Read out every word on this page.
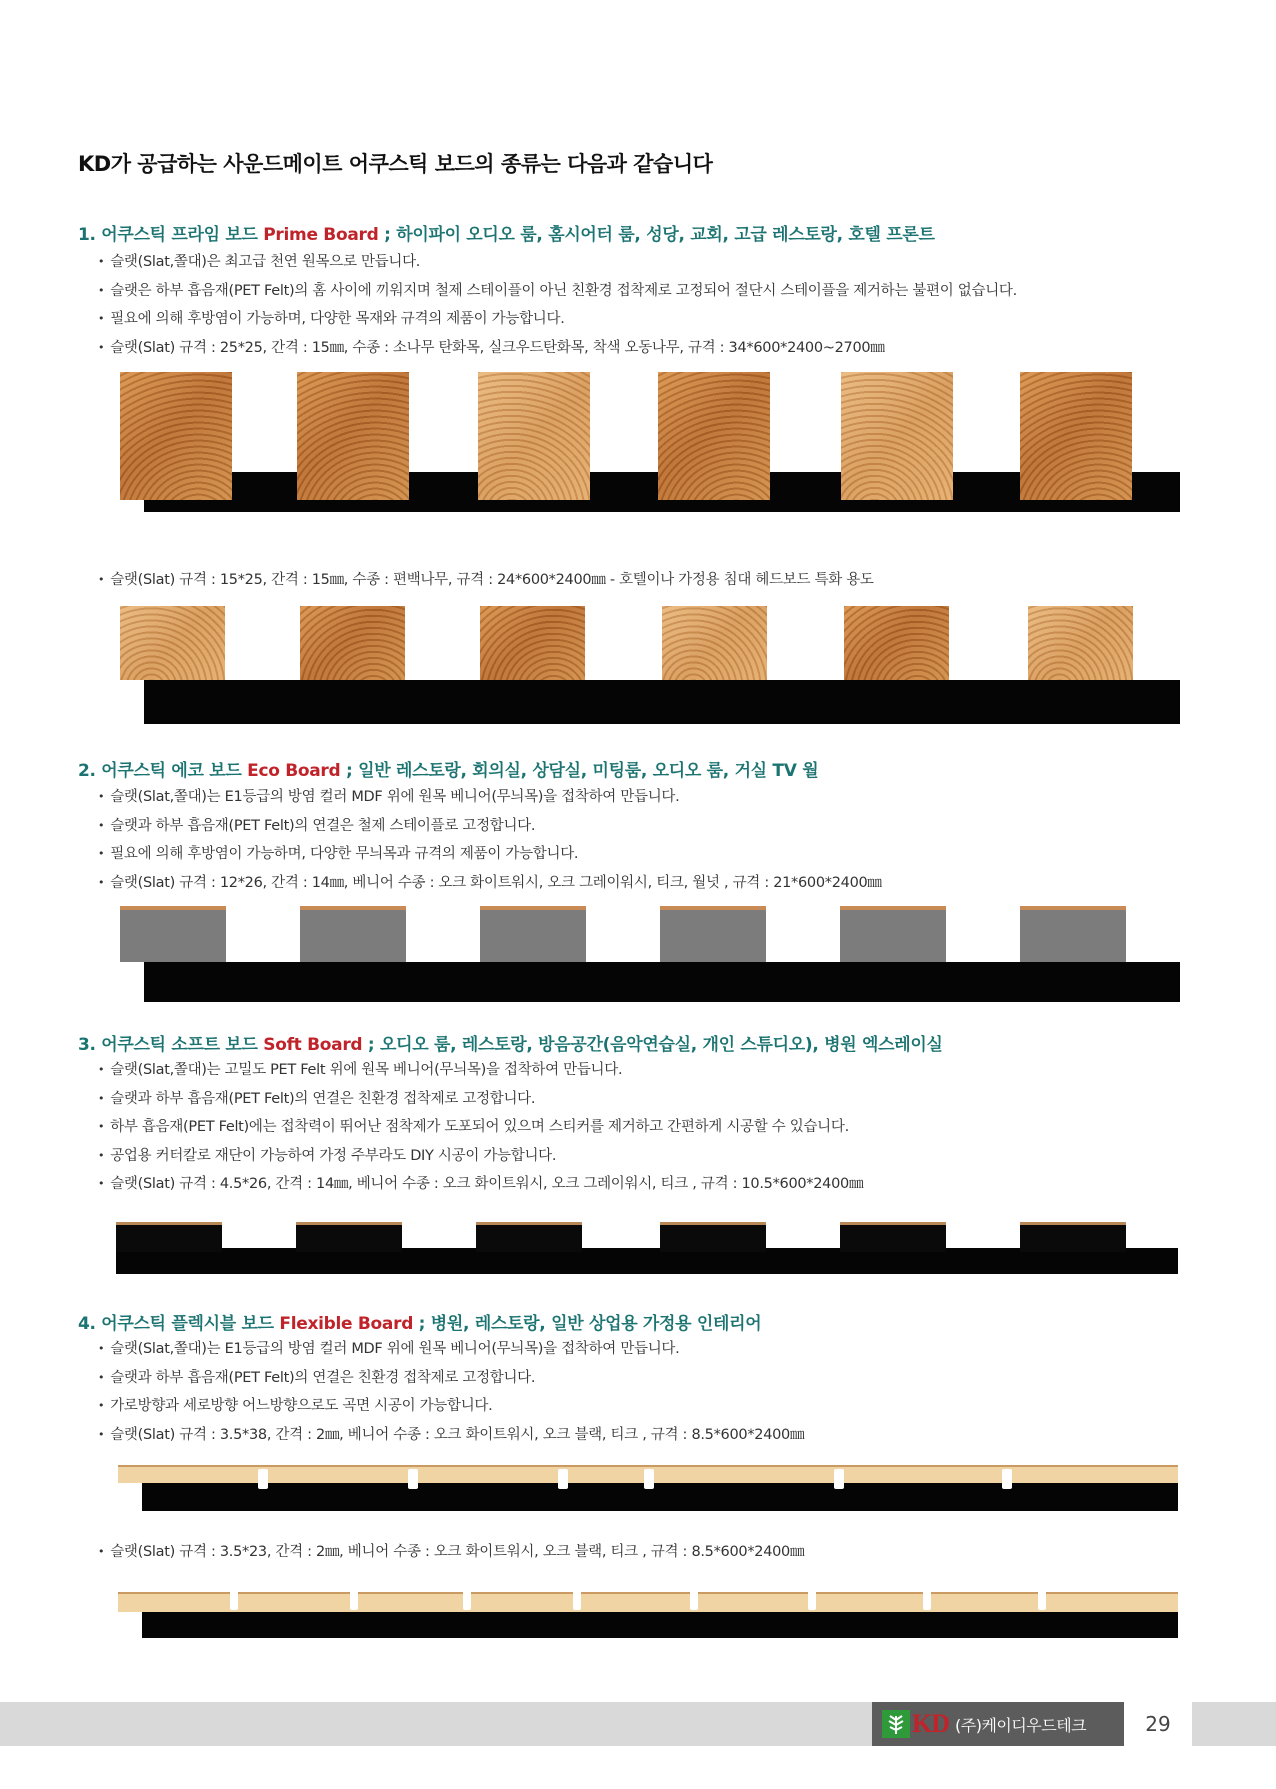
KD가 공급하는 사운드메이트 어쿠스틱 보드의 종류는 다음과 같습니다
1. 어쿠스틱 프라임 보드 Prime Board ; 하이파이 오디오 룸, 홈시어터 룸, 성당, 교회, 고급 레스토랑, 호텔 프론트
• 슬랫(Slat,쫄대)은 최고급 천연 원목으로 만듭니다.
• 슬랫은 하부 흡음재(PET Felt)의 홈 사이에 끼워지며 철제 스테이플이 아닌 친환경 접착제로 고정되어 절단시 스테이플을 제거하는 불편이 없습니다.
• 필요에 의해 후방염이 가능하며, 다양한 목재와 규격의 제품이 가능합니다.
• 슬랫(Slat) 규격 : 25*25, 간격 : 15㎜, 수종 : 소나무 탄화목, 실크우드탄화목, 착색 오동나무, 규격 : 34*600*2400~2700㎜
• 슬랫(Slat) 규격 : 15*25, 간격 : 15㎜, 수종 : 편백나무, 규격 : 24*600*2400㎜ - 호텔이나 가정용 침대 헤드보드 특화 용도
2. 어쿠스틱 에코 보드 Eco Board ; 일반 레스토랑, 회의실, 상담실, 미팅룸, 오디오 룸, 거실 TV 월
• 슬랫(Slat,쫄대)는 E1등급의 방염 컬러 MDF 위에 원목 베니어(무늬목)을 접착하여 만듭니다.
• 슬랫과 하부 흡음재(PET Felt)의 연결은 철제 스테이플로 고정합니다.
• 필요에 의해 후방염이 가능하며, 다양한 무늬목과 규격의 제품이 가능합니다.
• 슬랫(Slat) 규격 : 12*26, 간격 : 14㎜, 베니어 수종 : 오크 화이트워시, 오크 그레이워시, 티크, 월넛 , 규격 : 21*600*2400㎜
3. 어쿠스틱 소프트 보드 Soft Board ; 오디오 룸, 레스토랑, 방음공간(음악연습실, 개인 스튜디오), 병원 엑스레이실
• 슬랫(Slat,쫄대)는 고밀도 PET Felt 위에 원목 베니어(무늬목)을 접착하여 만듭니다.
• 슬랫과 하부 흡음재(PET Felt)의 연결은 친환경 접착제로 고정합니다.
• 하부 흡음재(PET Felt)에는 접착력이 뛰어난 점착제가 도포되어 있으며 스티커를 제거하고 간편하게 시공할 수 있습니다.
• 공업용 커터칼로 재단이 가능하여 가정 주부라도 DIY 시공이 가능합니다.
• 슬랫(Slat) 규격 : 4.5*26, 간격 : 14㎜, 베니어 수종 : 오크 화이트워시, 오크 그레이워시, 티크 , 규격 : 10.5*600*2400㎜
4. 어쿠스틱 플렉시블 보드 Flexible Board ; 병원, 레스토랑, 일반 상업용 가정용 인테리어
• 슬랫(Slat,쫄대)는 E1등급의 방염 컬러 MDF 위에 원목 베니어(무늬목)을 접착하여 만듭니다.
• 슬랫과 하부 흡음재(PET Felt)의 연결은 친환경 접착제로 고정합니다.
• 가로방향과 세로방향 어느방향으로도 곡면 시공이 가능합니다.
• 슬랫(Slat) 규격 : 3.5*38, 간격 : 2㎜, 베니어 수종 : 오크 화이트워시, 오크 블랙, 티크 , 규격 : 8.5*600*2400㎜
• 슬랫(Slat) 규격 : 3.5*23, 간격 : 2㎜, 베니어 수종 : 오크 화이트워시, 오크 블랙, 티크 , 규격 : 8.5*600*2400㎜
KD (주)케이디우드테크	29
